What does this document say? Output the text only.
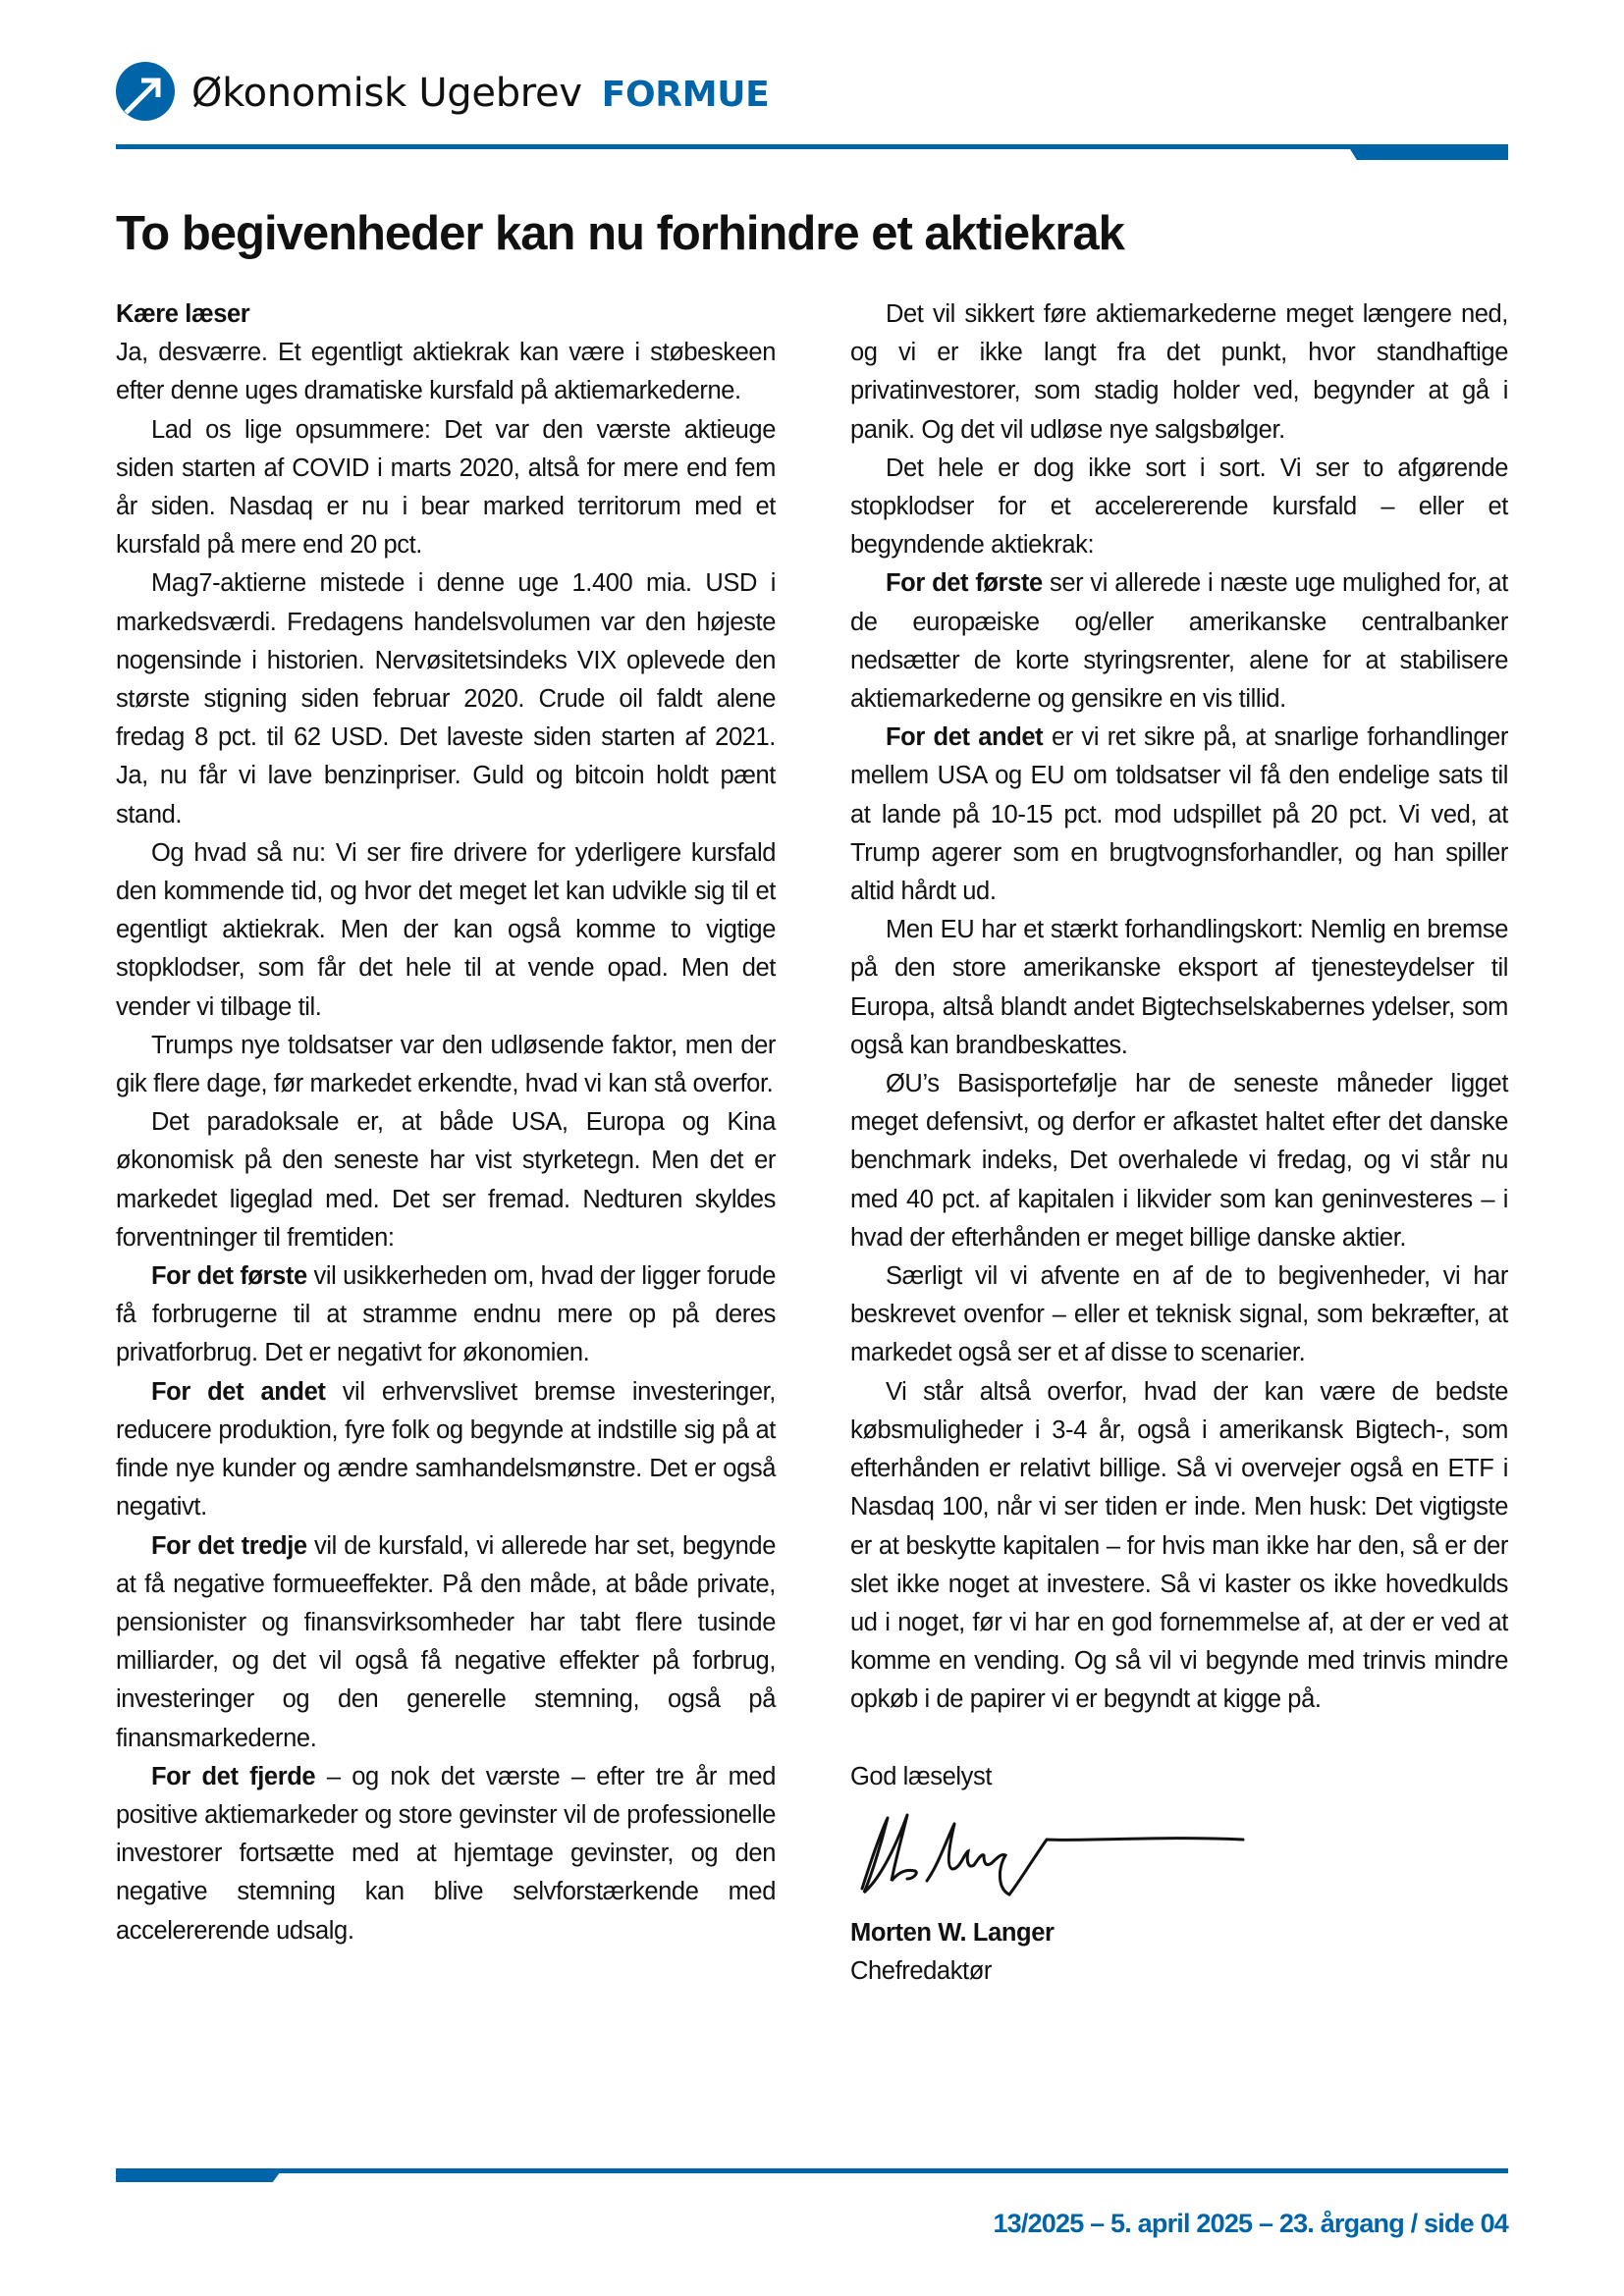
Økonomisk Ugebrev FORMUE
To begivenheder kan nu forhindre et aktiekrak

Kære læser

Ja, desværre. Et egentligt aktiekrak kan være i støbeskeen efter denne uges dramatiske kursfald på aktiemarkederne.

Lad os lige opsummere: Det var den værste aktieuge siden starten af COVID i marts 2020, altså for mere end fem år siden. Nasdaq er nu i bear marked territorum med et kursfald på mere end 20 pct.

Mag7-aktierne mistede i denne uge 1.400 mia. USD i markedsværdi. Fredagens handelsvolumen var den højeste nogensinde i historien. Nervøsitetsindeks VIX oplevede den største stigning siden februar 2020. Crude oil faldt alene fredag 8 pct. til 62 USD. Det laveste siden starten af 2021. Ja, nu får vi lave benzinpriser. Guld og bitcoin holdt pænt stand.

Og hvad så nu: Vi ser fire drivere for yderligere kursfald den kommende tid, og hvor det meget let kan udvikle sig til et egentligt aktiekrak. Men der kan også komme to vigtige stopklodser, som får det hele til at vende opad. Men det vender vi tilbage til.

Trumps nye toldsatser var den udløsende faktor, men der gik flere dage, før markedet erkendte, hvad vi kan stå overfor.

Det paradoksale er, at både USA, Europa og Kina økonomisk på den seneste har vist styrketegn. Men det er markedet ligeglad med. Det ser fremad. Nedturen skyldes forventninger til fremtiden:

For det første vil usikkerheden om, hvad der ligger forude få forbrugerne til at stramme endnu mere op på deres privatforbrug. Det er negativt for økonomien.

For det andet vil erhvervslivet bremse investeringer, reducere produktion, fyre folk og begynde at indstille sig på at finde nye kunder og ændre samhandelsmønstre. Det er også negativt.

For det tredje vil de kursfald, vi allerede har set, begynde at få negative formueeffekter. På den måde, at både private, pensionister og finansvirksomheder har tabt flere tusinde milliarder, og det vil også få negative effekter på forbrug, investeringer og den generelle stemning, også på finansmarkederne.

For det fjerde – og nok det værste – efter tre år med positive aktiemarkeder og store gevinster vil de professionelle investorer fortsætte med at hjemtage gevinster, og den negative stemning kan blive selvforstærkende med accelererende udsalg.

Det vil sikkert føre aktiemarkederne meget længere ned, og vi er ikke langt fra det punkt, hvor standhaftige privatinvestorer, som stadig holder ved, begynder at gå i panik. Og det vil udløse nye salgsbølger.

Det hele er dog ikke sort i sort. Vi ser to afgørende stopklodser for et accelererende kursfald – eller et begyndende aktiekrak:

For det første ser vi allerede i næste uge mulighed for, at de europæiske og/eller amerikanske centralbanker nedsætter de korte styringsrenter, alene for at stabilisere aktiemarkederne og gensikre en vis tillid.

For det andet er vi ret sikre på, at snarlige forhandlinger mellem USA og EU om toldsatser vil få den endelige sats til at lande på 10-15 pct. mod udspillet på 20 pct. Vi ved, at Trump agerer som en brugtvognsforhandler, og han spiller altid hårdt ud.

Men EU har et stærkt forhandlingskort: Nemlig en bremse på den store amerikanske eksport af tjenesteydelser til Europa, altså blandt andet Bigtechselskabernes ydelser, som også kan brandbeskattes.

ØU’s Basisportefølje har de seneste måneder ligget meget defensivt, og derfor er afkastet haltet efter det danske benchmark indeks, Det overhalede vi fredag, og vi står nu med 40 pct. af kapitalen i likvider som kan geninvesteres – i hvad der efterhånden er meget billige danske aktier.

Særligt vil vi afvente en af de to begivenheder, vi har beskrevet ovenfor – eller et teknisk signal, som bekræfter, at markedet også ser et af disse to scenarier.

Vi står altså overfor, hvad der kan være de bedste købsmuligheder i 3-4 år, også i amerikansk Bigtech-, som efterhånden er relativt billige. Så vi overvejer også en ETF i Nasdaq 100, når vi ser tiden er inde. Men husk: Det vigtigste er at beskytte kapitalen – for hvis man ikke har den, så er der slet ikke noget at investere. Så vi kaster os ikke hovedkulds ud i noget, før vi har en god fornemmelse af, at der er ved at komme en vending. Og så vil vi begynde med trinvis mindre opkøb i de papirer vi er begyndt at kigge på.

God læselyst

Morten W. Langer

Chefredaktør

13/2025 – 5. april 2025 – 23. årgang / side 04
